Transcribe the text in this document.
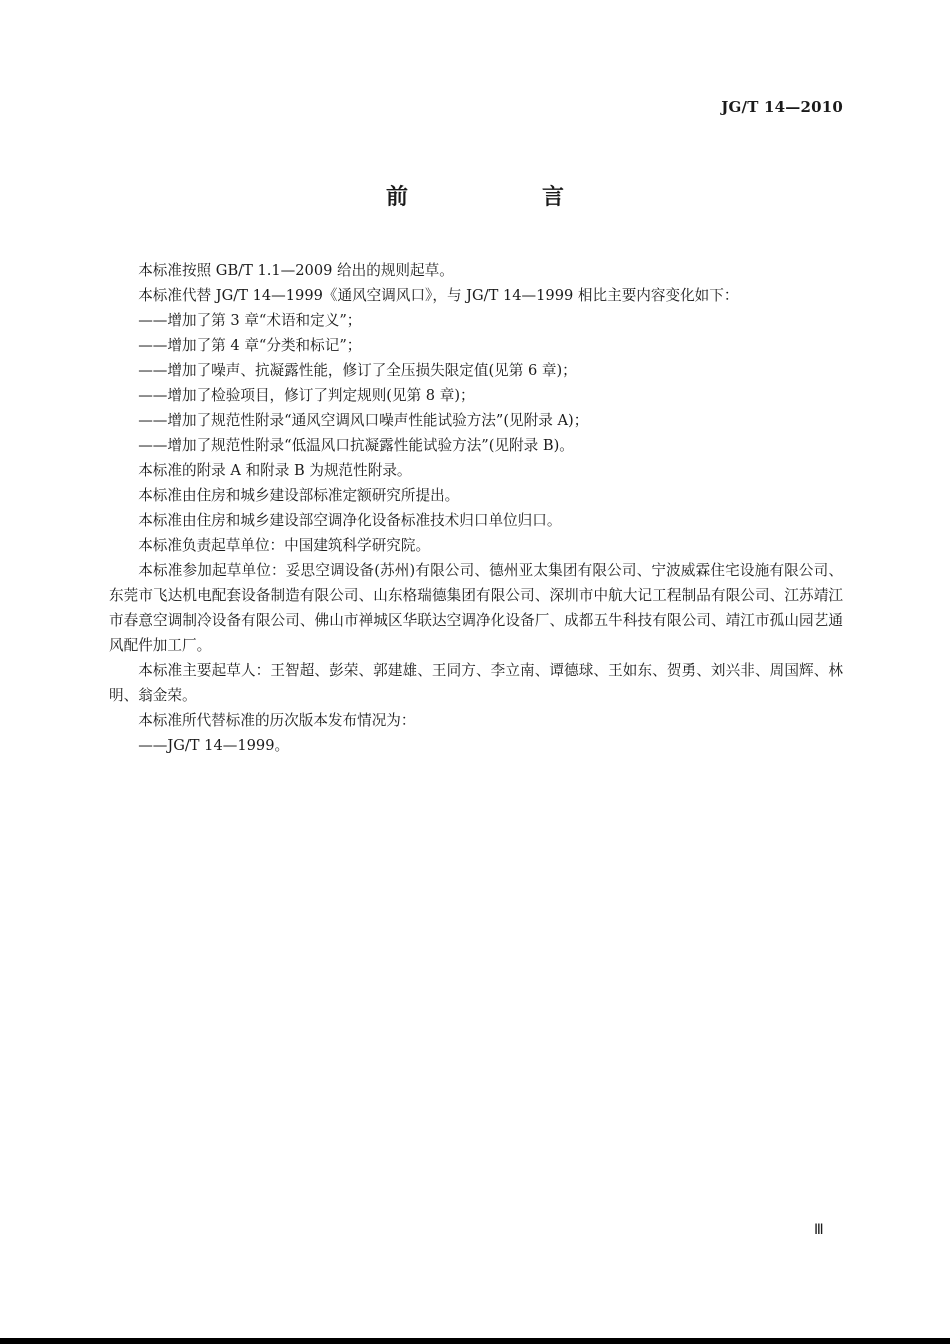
JG/T 14—2010
前　言

本标准按照 GB/T 1.1—2009 给出的规则起草。

本标准代替 JG/T 14—1999《通风空调风口》，与 JG/T 14—1999 相比主要内容变化如下：

——增加了第 3 章“术语和定义”；

——增加了第 4 章“分类和标记”；

——增加了噪声、抗凝露性能，修订了全压损失限定值(见第 6 章)；

——增加了检验项目，修订了判定规则(见第 8 章)；

——增加了规范性附录“通风空调风口噪声性能试验方法”(见附录 A)；

——增加了规范性附录“低温风口抗凝露性能试验方法”(见附录 B)。

本标准的附录 A 和附录 B 为规范性附录。

本标准由住房和城乡建设部标准定额研究所提出。

本标准由住房和城乡建设部空调净化设备标准技术归口单位归口。

本标准负责起草单位：中国建筑科学研究院。

本标准参加起草单位：妥思空调设备(苏州)有限公司、德州亚太集团有限公司、宁波威霖住宅设施有限公司、东莞市飞达机电配套设备制造有限公司、山东格瑞德集团有限公司、深圳市中航大记工程制品有限公司、江苏靖江市春意空调制冷设备有限公司、佛山市禅城区华联达空调净化设备厂、成都五牛科技有限公司、靖江市孤山园艺通风配件加工厂。

本标准主要起草人：王智超、彭荣、郭建雄、王同方、李立南、谭德球、王如东、贺勇、刘兴非、周国辉、林明、翁金荣。

本标准所代替标准的历次版本发布情况为：

——JG/T 14—1999。

Ⅲ
